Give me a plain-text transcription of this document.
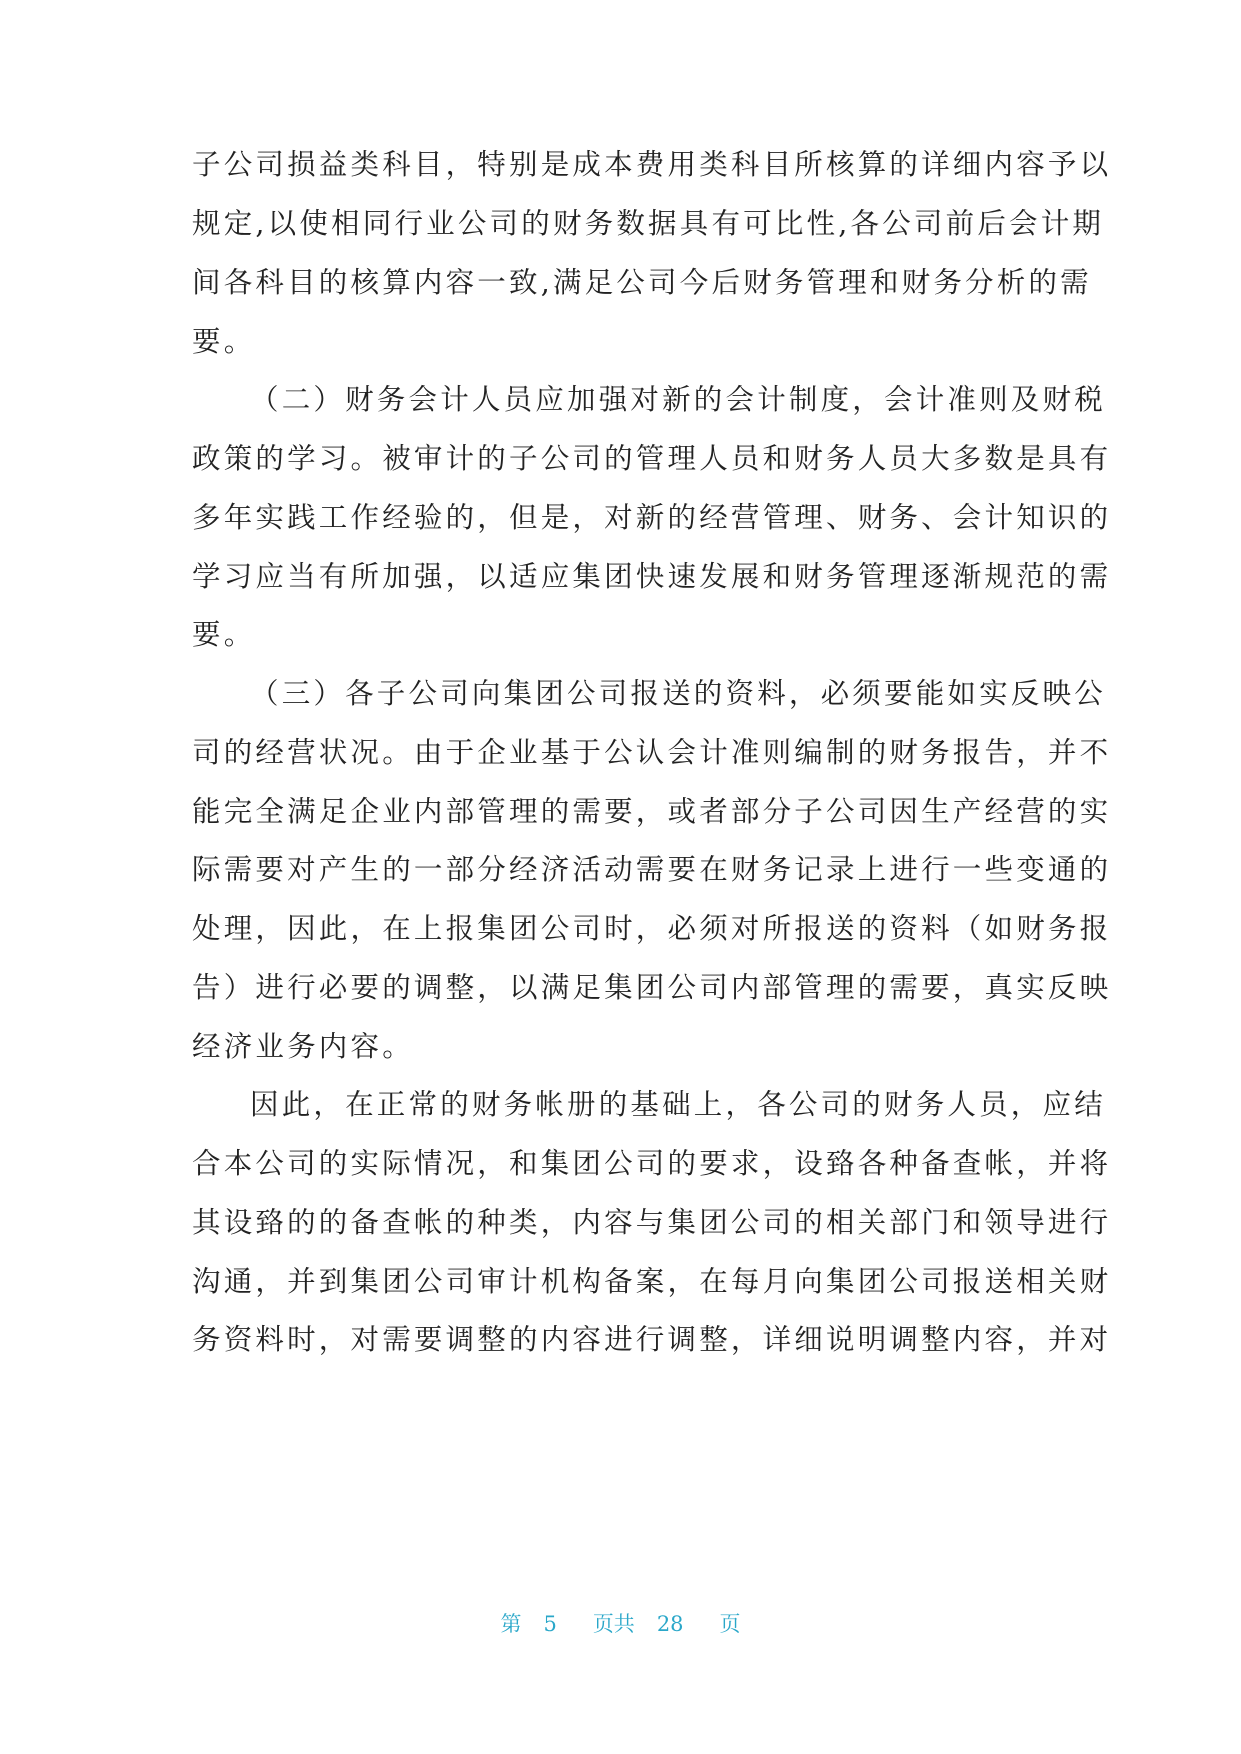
子公司损益类科目，特别是成本费用类科目所核算的详细内容予以
规定,以使相同行业公司的财务数据具有可比性,各公司前后会计期
间各科目的核算内容一致,满足公司今后财务管理和财务分析的需
要。
（二）财务会计人员应加强对新的会计制度，会计准则及财税
政策的学习。被审计的子公司的管理人员和财务人员大多数是具有
多年实践工作经验的，但是，对新的经营管理、财务、会计知识的
学习应当有所加强，以适应集团快速发展和财务管理逐渐规范的需
要。
（三）各子公司向集团公司报送的资料，必须要能如实反映公
司的经营状况。由于企业基于公认会计准则编制的财务报告，并不
能完全满足企业内部管理的需要，或者部分子公司因生产经营的实
际需要对产生的一部分经济活动需要在财务记录上进行一些变通的
处理，因此，在上报集团公司时，必须对所报送的资料（如财务报
告）进行必要的调整，以满足集团公司内部管理的需要，真实反映
经济业务内容。
因此，在正常的财务帐册的基础上，各公司的财务人员，应结
合本公司的实际情况，和集团公司的要求，设臵各种备查帐，并将
其设臵的的备查帐的种类，内容与集团公司的相关部门和领导进行
沟通，并到集团公司审计机构备案，在每月向集团公司报送相关财
务资料时，对需要调整的内容进行调整，详细说明调整内容，并对
第 5 页共 28 页
